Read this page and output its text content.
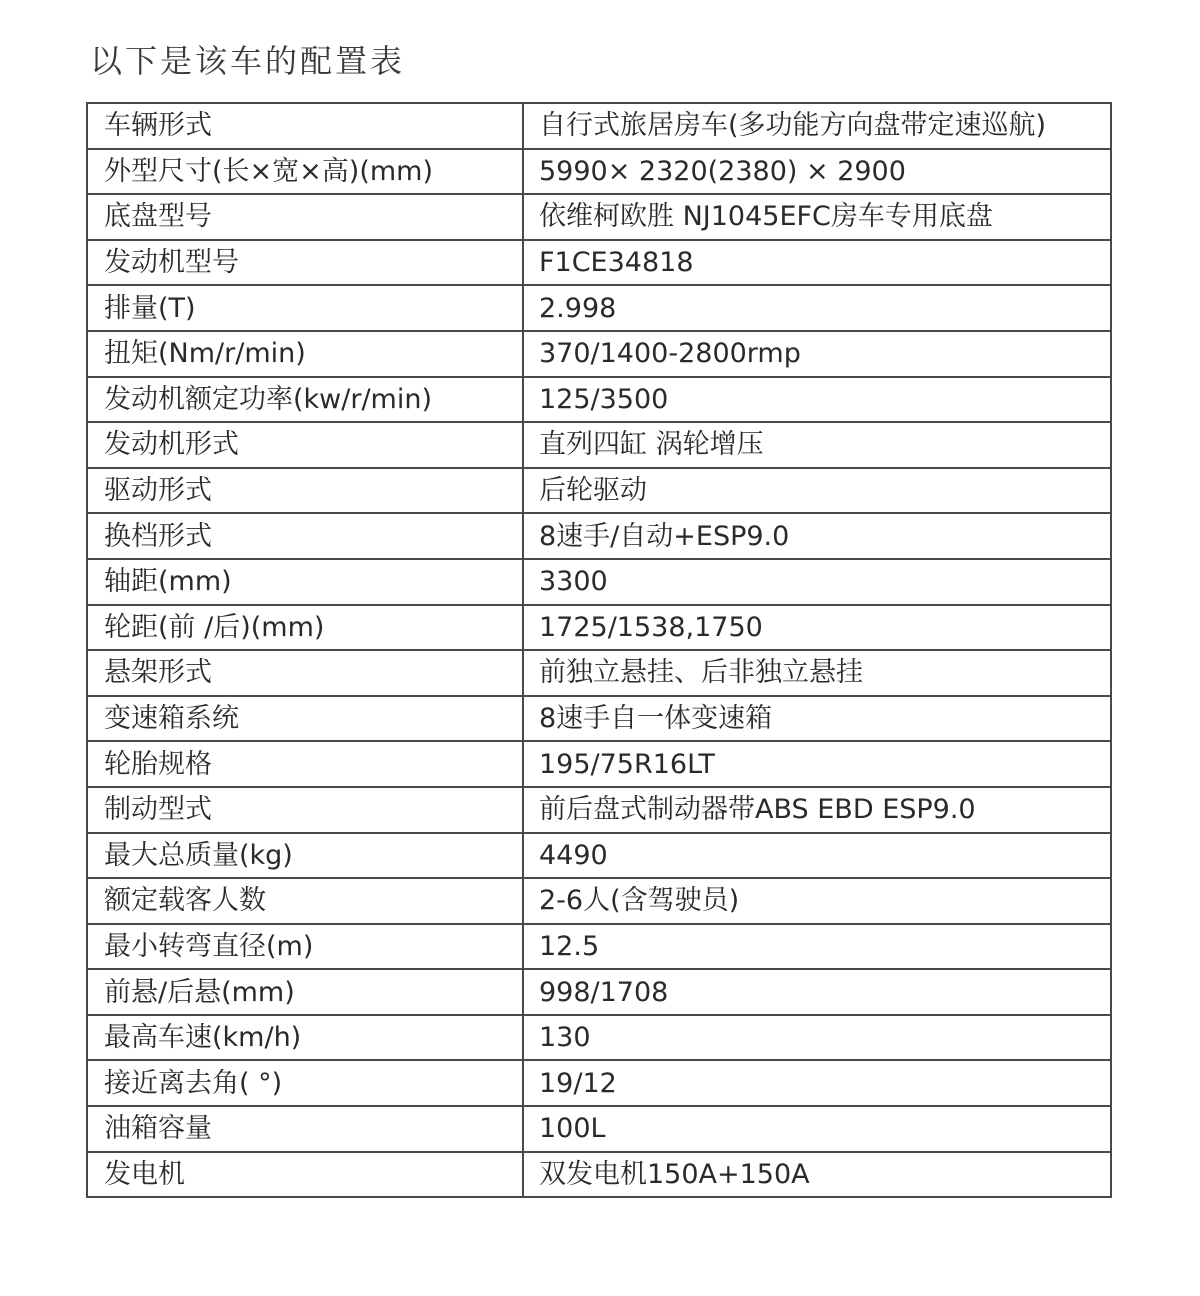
以下是该车的配置表
车辆形式	自行式旅居房车(多功能方向盘带定速巡航)
外型尺寸(长×宽×高)(mm)	5990× 2320(2380) × 2900
底盘型号	依维柯欧胜 NJ1045EFC房车专用底盘
发动机型号	F1CE34818
排量(T)	2.998
扭矩(Nm/r/min)	370/1400-2800rmp
发动机额定功率(kw/r/min)	125/3500
发动机形式	直列四缸 涡轮增压
驱动形式	后轮驱动
换档形式	8速手/自动+ESP9.0
轴距(mm)	3300
轮距(前 /后)(mm)	1725/1538,1750
悬架形式	前独立悬挂、后非独立悬挂
变速箱系统	8速手自一体变速箱
轮胎规格	195/75R16LT
制动型式	前后盘式制动器带ABS EBD ESP9.0
最大总质量(kg)	4490
额定载客人数	2-6人(含驾驶员)
最小转弯直径(m)	12.5
前悬/后悬(mm)	998/1708
最高车速(km/h)	130
接近离去角( °)	19/12
油箱容量	100L
发电机	双发电机150A+150A
